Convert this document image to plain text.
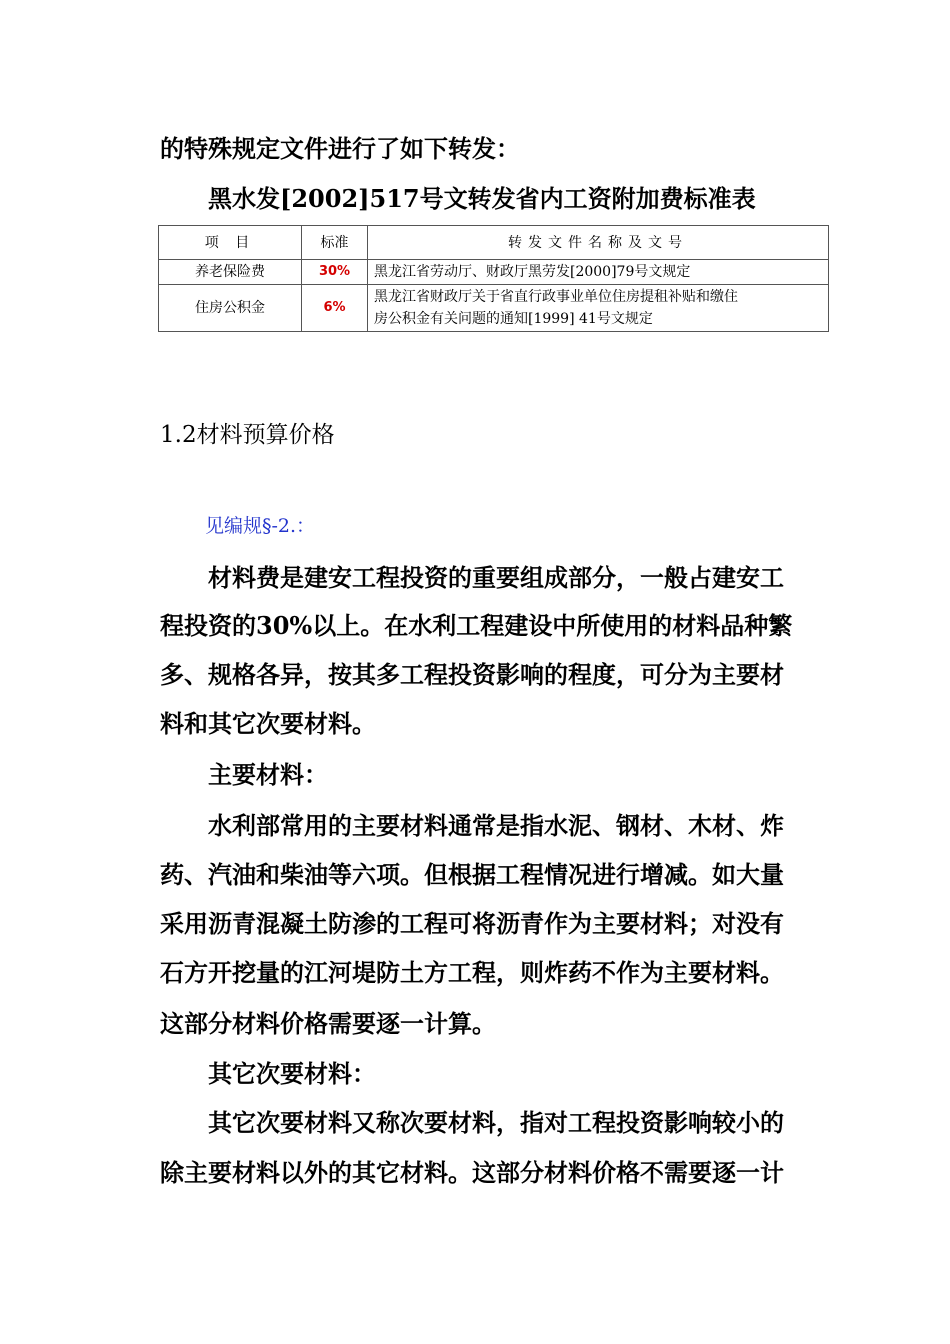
的特殊规定文件进行了如下转发：
黑水发[2002]517号文转发省内工资附加费标准表
项 目	标准	转发文件名称及文号
养老保险费	30%	黑龙江省劳动厅、财政厅黑劳发[2000]79号文规定

住房公积金	6%	黑龙江省财政厅关于省直行政事业单位住房提租补贴和缴住
房公积金有关问题的通知[1999] 41号文规定
1.2材料预算价格
见编规§-2.：
　　材料费是建安工程投资的重要组成部分，一般占建安工
程投资的30%以上。在水利工程建设中所使用的材料品种繁
多、规格各异，按其多工程投资影响的程度，可分为主要材
料和其它次要材料。
　　主要材料：
　　水利部常用的主要材料通常是指水泥、钢材、木材、炸
药、汽油和柴油等六项。但根据工程情况进行增减。如大量
采用沥青混凝土防渗的工程可将沥青作为主要材料；对没有
石方开挖量的江河堤防土方工程，则炸药不作为主要材料。
这部分材料价格需要逐一计算。
　　其它次要材料：
　　其它次要材料又称次要材料，指对工程投资影响较小的
除主要材料以外的其它材料。这部分材料价格不需要逐一计
